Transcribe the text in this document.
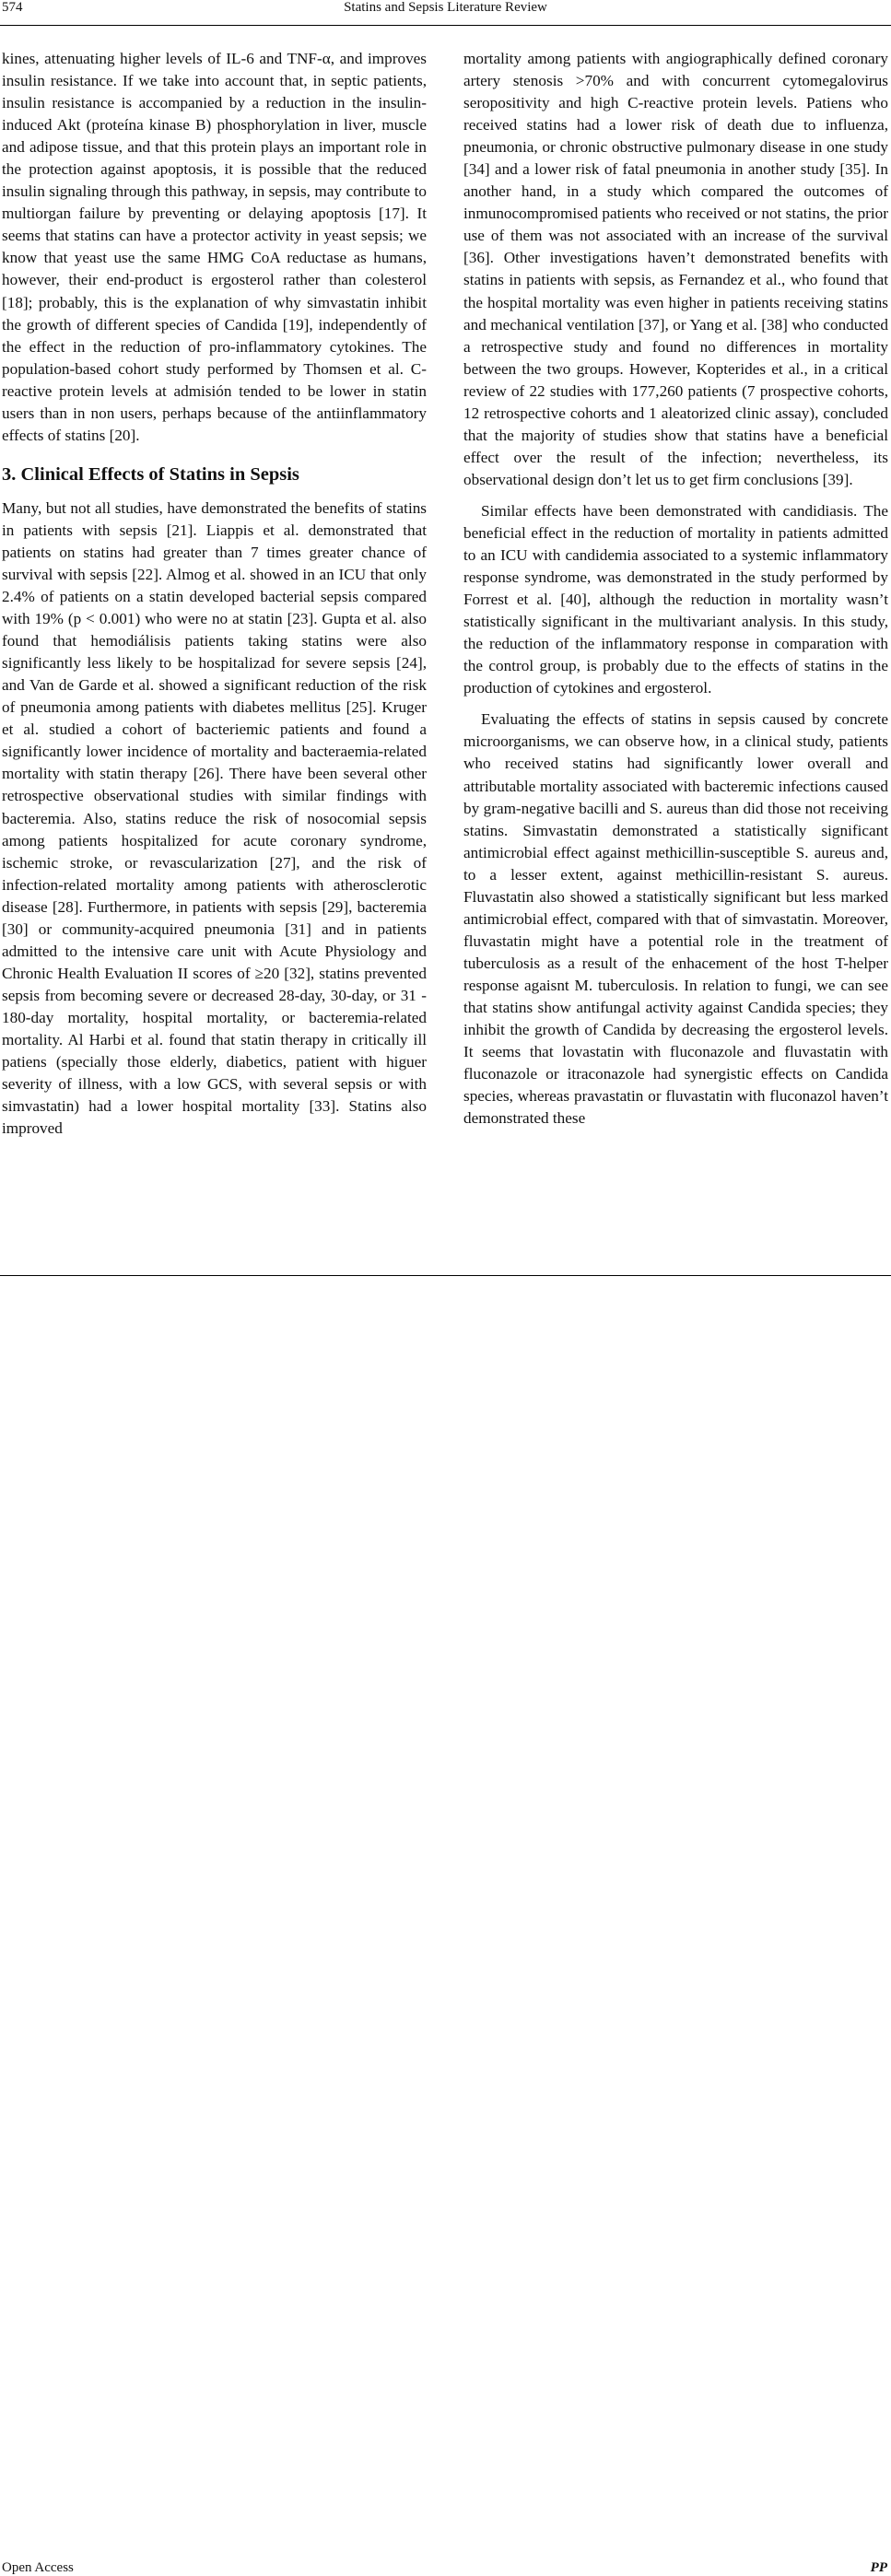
574	Statins and Sepsis Literature Review

kines, attenuating higher levels of IL-6 and TNF-α, and improves insulin resistance. If we take into account that, in septic patients, insulin resistance is accompanied by a reduction in the insulin-induced Akt (proteína kinase B) phosphorylation in liver, muscle and adipose tissue, and that this protein plays an important role in the protection against apoptosis, it is possible that the reduced insulin signaling through this pathway, in sepsis, may contribute to multiorgan failure by preventing or delaying apoptosis [17]. It seems that statins can have a protector activity in yeast sepsis; we know that yeast use the same HMG CoA reductase as humans, however, their end-product is ergosterol rather than colesterol [18]; probably, this is the explanation of why simvastatin inhibit the growth of different species of Candida [19], independently of the effect in the reduction of pro-inflammatory cytokines. The population-based cohort study performed by Thomsen et al. C-reactive protein levels at admisión tended to be lower in statin users than in non users, perhaps because of the antiinflammatory effects of statins [20].

3. Clinical Effects of Statins in Sepsis

Many, but not all studies, have demonstrated the benefits of statins in patients with sepsis [21]. Liappis et al. demonstrated that patients on statins had greater than 7 times greater chance of survival with sepsis [22]. Almog et al. showed in an ICU that only 2.4% of patients on a statin developed bacterial sepsis compared with 19% (p < 0.001) who were no at statin [23]. Gupta et al. also found that hemodiálisis patients taking statins were also significantly less likely to be hospitalizad for severe sepsis [24], and Van de Garde et al. showed a significant reduction of the risk of pneumonia among patients with diabetes mellitus [25]. Kruger et al. studied a cohort of bacteriemic patients and found a significantly lower incidence of mortality and bacteraemia-related mortality with statin therapy [26]. There have been several other retrospective observational studies with similar findings with bacteremia. Also, statins reduce the risk of nosocomial sepsis among patients hospitalized for acute coronary syndrome, ischemic stroke, or revascularization [27], and the risk of infection-related mortality among patients with atherosclerotic disease [28]. Furthermore, in patients with sepsis [29], bacteremia [30] or community-acquired pneumonia [31] and in patients admitted to the intensive care unit with Acute Physiology and Chronic Health Evaluation II scores of ≥20 [32], statins prevented sepsis from becoming severe or decreased 28-day, 30-day, or 31 - 180-day mortality, hospital mortality, or bacteremia-related mortality. Al Harbi et al. found that statin therapy in critically ill patiens (specially those elderly, diabetics, patient with higuer severity of illness, with a low GCS, with several sepsis or with simvastatin) had a lower hospital mortality [33]. Statins also improved

mortality among patients with angiographically defined coronary artery stenosis >70% and with concurrent cytomegalovirus seropositivity and high C-reactive protein levels. Patiens who received statins had a lower risk of death due to influenza, pneumonia, or chronic obstructive pulmonary disease in one study [34] and a lower risk of fatal pneumonia in another study [35]. In another hand, in a study which compared the outcomes of inmunocompromised patients who received or not statins, the prior use of them was not associated with an increase of the survival [36]. Other investigations haven’t demonstrated benefits with statins in patients with sepsis, as Fernandez et al., who found that the hospital mortality was even higher in patients receiving statins and mechanical ventilation [37], or Yang et al. [38] who conducted a retrospective study and found no differences in mortality between the two groups. However, Kopterides et al., in a critical review of 22 studies with 177,260 patients (7 prospective cohorts, 12 retrospective cohorts and 1 aleatorized clinic assay), concluded that the majority of studies show that statins have a beneficial effect over the result of the infection; nevertheless, its observational design don’t let us to get firm conclusions [39].

Similar effects have been demonstrated with candidiasis. The beneficial effect in the reduction of mortality in patients admitted to an ICU with candidemia associated to a systemic inflammatory response syndrome, was demonstrated in the study performed by Forrest et al. [40], although the reduction in mortality wasn’t statistically significant in the multivariant analysis. In this study, the reduction of the inflammatory response in comparation with the control group, is probably due to the effects of statins in the production of cytokines and ergosterol.

Evaluating the effects of statins in sepsis caused by concrete microorganisms, we can observe how, in a clinical study, patients who received statins had significantly lower overall and attributable mortality associated with bacteremic infections caused by gram-negative bacilli and S. aureus than did those not receiving statins. Simvastatin demonstrated a statistically significant antimicrobial effect against methicillin-susceptible S. aureus and, to a lesser extent, against methicillin-resistant S. aureus. Fluvastatin also showed a statistically significant but less marked antimicrobial effect, compared with that of simvastatin. Moreover, fluvastatin might have a potential role in the treatment of tuberculosis as a result of the enhacement of the host T-helper response agaisnt M. tuberculosis. In relation to fungi, we can see that statins show antifungal activity against Candida species; they inhibit the growth of Candida by decreasing the ergosterol levels. It seems that lovastatin with fluconazole and fluvastatin with fluconazole or itraconazole had synergistic effects on Candida species, whereas pravastatin or fluvastatin with fluconazol haven’t demonstrated these

Open Access	PP
